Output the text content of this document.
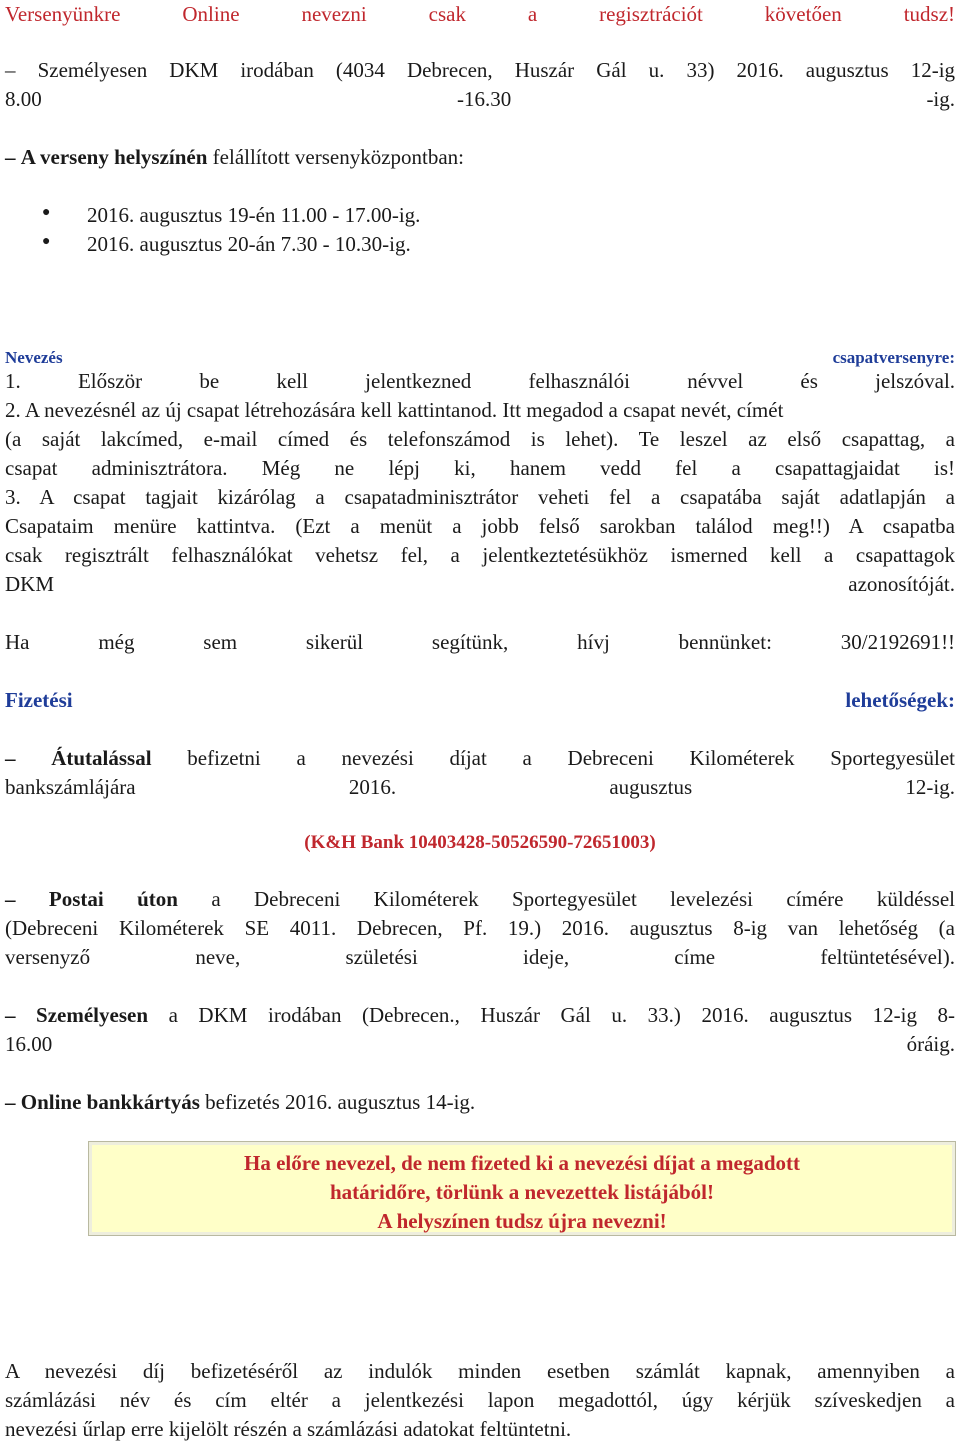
Versenyünkre	Online	nevezni	csak	a	regisztrációt	követően	tudsz!
– Személyesen DKM irodában (4034 Debrecen, Huszár Gál u. 33) 2016. augusztus 12-ig
8.00	-16.30	-ig.
– A verseny helyszínén felállított versenyközpontban:
● 2016. augusztus 19-én 11.00 - 17.00-ig.
● 2016. augusztus 20-án 7.30 - 10.30-ig.
Nevezés	csapatversenyre:
1.	Először	be	kell	jelentkezned	felhasználói	névvel	és	jelszóval.
2. A nevezésnél az új csapat létrehozására kell kattintanod. Itt megadod a csapat nevét, címét
(a saját lakcímed, e-mail címed és telefonszámod is lehet). Te leszel az első csapattag, a
csapat adminisztrátora. Még ne lépj ki, hanem vedd fel a csapattagjaidat is!
3. A csapat tagjait kizárólag a csapatadminisztrátor veheti fel a csapatába saját adatlapján a
Csapataim menüre kattintva. (Ezt a menüt a jobb felső sarokban találod meg!!) A csapatba
csak regisztrált felhasználókat vehetsz fel, a jelentkeztetésükhöz ismerned kell a csapattagok
DKM	azonosítóját.
Ha	még	sem	sikerül	segítünk,	hívj	bennünket:	30/2192691!!
Fizetési	lehetőségek:
– Átutalással befizetni a nevezési díjat a Debreceni Kilométerek Sportegyesület
bankszámlájára	2016.	augusztus	12-ig.
(K&H Bank 10403428-50526590-72651003)
– Postai úton a Debreceni Kilométerek Sportegyesület levelezési címére küldéssel
(Debreceni Kilométerek SE 4011. Debrecen, Pf. 19.) 2016. augusztus 8-ig van lehetőség (a
versenyző	neve,	születési	ideje,	címe	feltüntetésével).
– Személyesen a DKM irodában (Debrecen., Huszár Gál u. 33.) 2016. augusztus 12-ig 8-
16.00	óráig.
– Online bankkártyás befizetés 2016. augusztus 14-ig.
Ha előre nevezel, de nem fizeted ki a nevezési díjat a megadott
határidőre, törlünk a nevezettek listájából!
A helyszínen tudsz újra nevezni!
A nevezési díj befizetéséről az indulók minden esetben számlát kapnak, amennyiben a
számlázási név és cím eltér a jelentkezési lapon megadottól, úgy kérjük szíveskedjen a
nevezési űrlap erre kijelölt részén a számlázási adatokat feltüntetni.
